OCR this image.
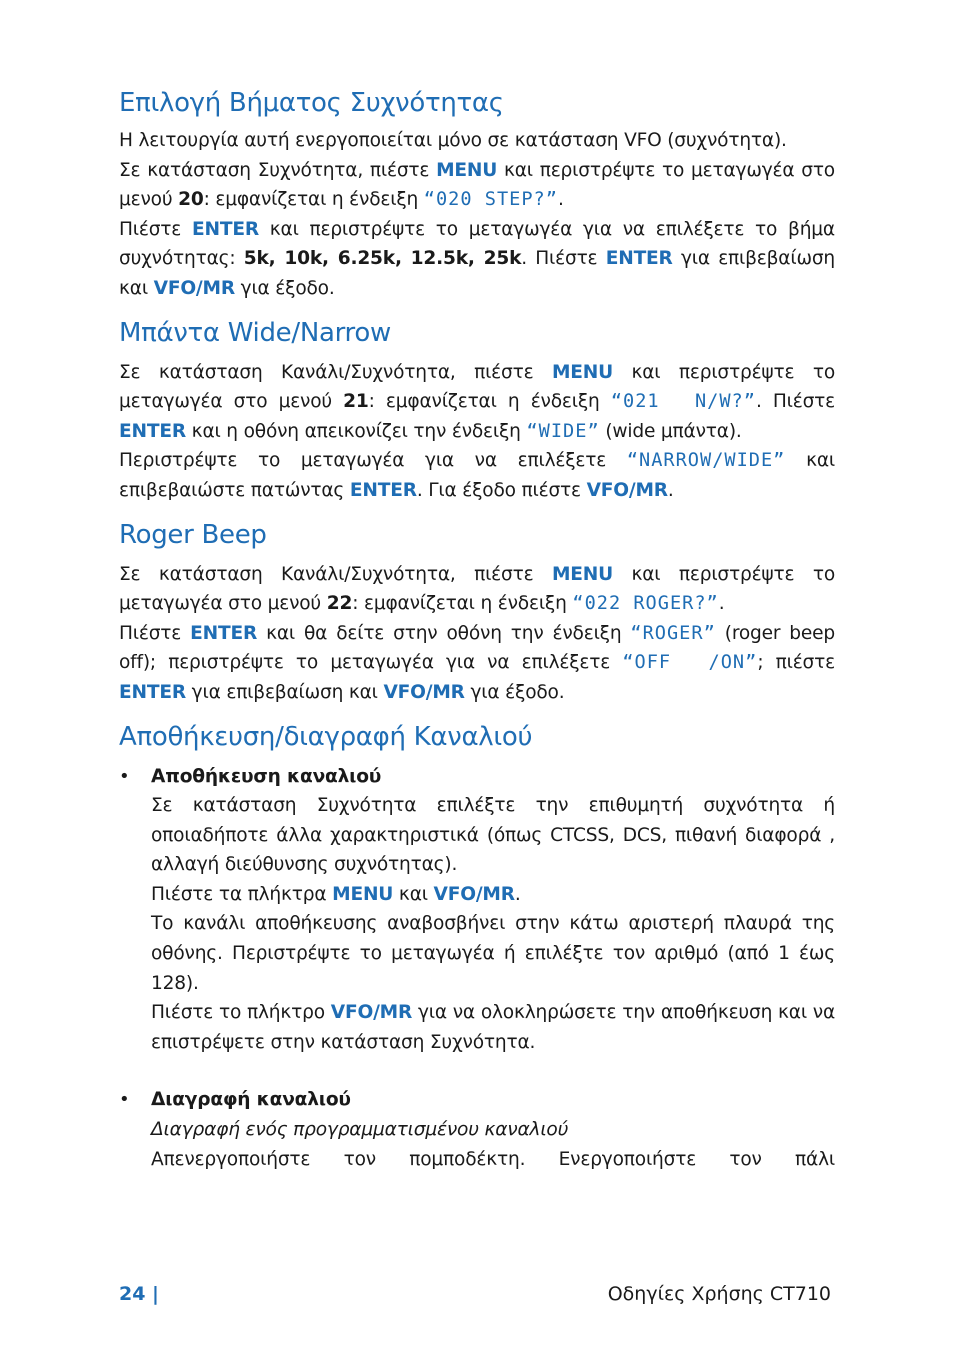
Επιλογή Βήματος Συχνότητας

Η λειτουργία αυτή ενεργοποιείται μόνο σε κατάσταση VFO (συχνότητα).

Σε κατάσταση Συχνότητα, πιέστε MENU και περιστρέψτε το μεταγωγέα στο μενού 20: εμφανίζεται η ένδειξη “020 STEP?”.

Πιέστε ENTER και περιστρέψτε το μεταγωγέα για να επιλέξετε το βήμα συχνότητας: 5k, 10k, 6.25k, 12.5k, 25k. Πιέστε ENTER για επιβεβαίωση και VFO/MR για έξοδο.

Μπάντα Wide/Narrow

Σε κατάσταση Κανάλι/Συχνότητα, πιέστε MENU και περιστρέψτε το μεταγωγέα στο μενού 21: εμφανίζεται η ένδειξη “021  N/W?”. Πιέστε ENTER και η οθόνη απεικονίζει την ένδειξη “WIDE” (wide μπάντα).

Περιστρέψτε το μεταγωγέα για να επιλέξετε “NARROW/WIDE” και επιβεβαιώστε πατώντας ENTER. Για έξοδο πιέστε VFO/MR.

Roger Beep

Σε κατάσταση Κανάλι/Συχνότητα, πιέστε MENU και περιστρέψτε το μεταγωγέα στο μενού 22: εμφανίζεται η ένδειξη “022 ROGER?”.

Πιέστε ENTER και θα δείτε στην οθόνη την ένδειξη “ROGER” (roger beep off); περιστρέψτε το μεταγωγέα για να επιλέξετε “OFF  /ON”; πιέστε ENTER για επιβεβαίωση και VFO/MR για έξοδο.

Αποθήκευση/διαγραφή Καναλιού

• Αποθήκευση καναλιού

Σε κατάσταση Συχνότητα επιλέξτε την επιθυμητή συχνότητα ή οποιαδήποτε άλλα χαρακτηριστικά (όπως CTCSS, DCS, πιθανή διαφορά , αλλαγή διεύθυνσης συχνότητας).

Πιέστε τα πλήκτρα MENU και VFO/MR.

Το κανάλι αποθήκευσης αναβοσβήνει στην κάτω αριστερή πλαυρά της οθόνης. Περιστρέψτε το μεταγωγέα ή επιλέξτε τον αριθμό (από 1 έως 128).

Πιέστε το πλήκτρο VFO/MR για να ολοκληρώσετε την αποθήκευση και να επιστρέψετε στην κατάσταση Συχνότητα.

• Διαγραφή καναλιού

Διαγραφή ενός προγραμματισμένου καναλιού

Απενεργοποιήστε τον πομποδέκτη. Ενεργοποιήστε τον πάλι

24 |	Οδηγίες Χρήσης CT710
